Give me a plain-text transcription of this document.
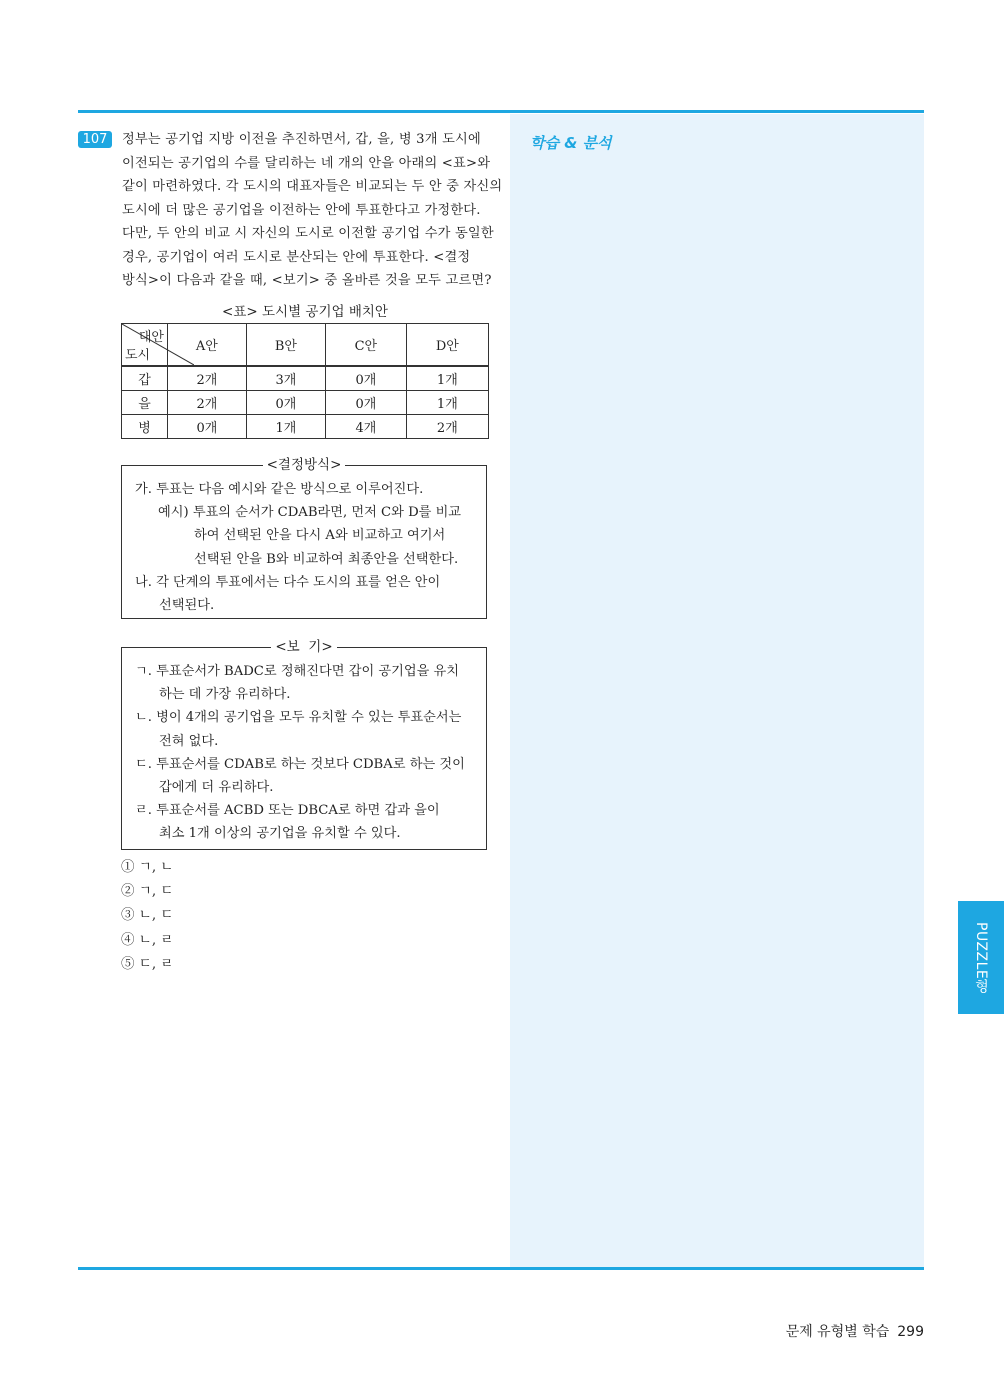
학습 & 분석
107	정부는 공기업 지방 이전을 추진하면서, 갑, 을, 병 3개 도시에

이전되는 공기업의 수를 달리하는 네 개의 안을 아래의 <표>와

같이 마련하였다. 각 도시의 대표자들은 비교되는 두 안 중 자신의

도시에 더 많은 공기업을 이전하는 안에 투표한다고 가정한다.

다만, 두 안의 비교 시 자신의 도시로 이전할 공기업 수가 동일한

경우, 공기업이 여러 도시로 분산되는 안에 투표한다. <결정

방식>이 다음과 같을 때, <보기> 중 올바른 것을 모두 고르면?

<표> 도시별 공기업 배치안
대안
도시	A안	B안	C안	D안
갑	2개	3개	0개	1개
을	2개	0개	0개	1개
병	0개	1개	4개	2개
<결정방식>

가. 투표는 다음 예시와 같은 방식으로 이루어진다.

예시) 투표의 순서가 CDAB라면, 먼저 C와 D를 비교

하여 선택된 안을 다시 A와 비교하고 여기서

선택된 안을 B와 비교하여 최종안을 선택한다.

나. 각 단계의 투표에서는 다수 도시의 표를 얻은 안이

선택된다.

<보  기>

ㄱ. 투표순서가 BADC로 정해진다면 갑이 공기업을 유치

하는 데 가장 유리하다.

ㄴ. 병이 4개의 공기업을 모두 유치할 수 있는 투표순서는

전혀 없다.

ㄷ. 투표순서를 CDAB로 하는 것보다 CDBA로 하는 것이

갑에게 더 유리하다.

ㄹ. 투표순서를 ACBD 또는 DBCA로 하면 갑과 을이

최소 1개 이상의 공기업을 유치할 수 있다.

① ㄱ, ㄴ
② ㄱ, ㄷ
③ ㄴ, ㄷ
④ ㄴ, ㄹ
⑤ ㄷ, ㄹ	PUZZLE형
문제 유형별 학습 299
